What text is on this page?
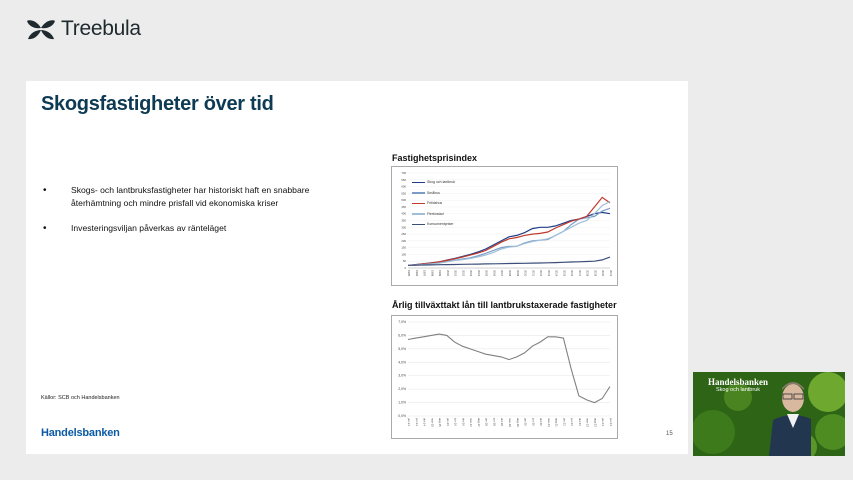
Treebula
Skogsfastigheter över tid
• Skogs- och lantbruksfastigheter har historiskt haft en snabbare återhämtning och mindre prisfall vid ekonomiska kriser
• Investeringsviljan påverkas av ränteläget
Fastighetsprisindex
0
50
100
150
200
250
300
350
400
450
500
550
600
650
700
1995 1996 1997 1998 1999 2000 2001 2002 2003 2004 2005 2006 2007 2008 2009 2010 2011 2012 2013 2014 2015 2016 2017 2018 2019 2020 2021
Skog och lantbruk
Småhus
Fritidshus
Flerbostad
Konsumentpriser
Årlig tillväxttakt lån till lantbrukstaxerade fastigheter
0,0%
1,0%
2,0%
3,0%
4,0%
5,0%
6,0%
7,0%
jan-14 jun-14 okt-14 mar-15 aug-15 jan-16 jun-16 okt-16 mar-17 aug-17 jan-18 jun-18 okt-18 mar-19 aug-19 jan-20 jun-20 okt-20 mar-21 aug-21 jan-22 jun-22 okt-22 mar-23 aug-23 jan-24 jun-24
Källor: SCB och Handelsbanken
Handelsbanken	15
Handelsbanken
Skog och lantbruk
